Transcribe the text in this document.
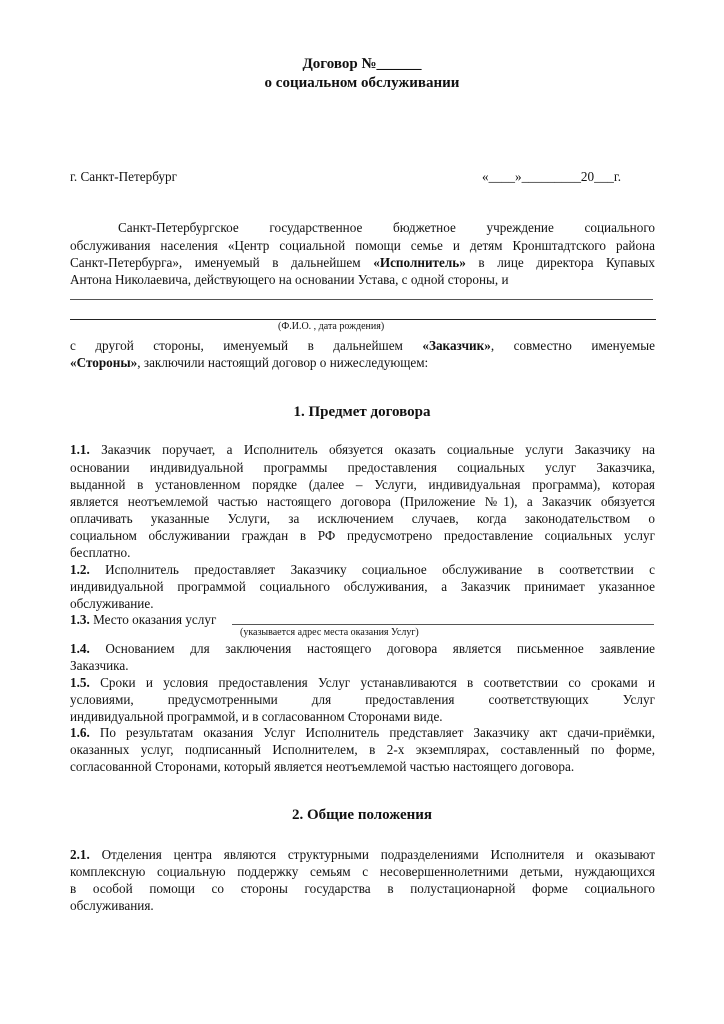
Договор №______
о социальном обслуживании
г. Санкт-Петербург	«____»_________20___г.
Санкт-Петербургское государственное бюджетное учреждение социального
обслуживания населения «Центр социальной помощи семье и детям Кронштадтского района
Санкт-Петербурга», именуемый в дальнейшем «Исполнитель» в лице директора Купавых
Антона Николаевича, действующего на основании Устава, с одной стороны, и
(Ф.И.О. , дата рождения)
с другой стороны, именуемый в дальнейшем «Заказчик», совместно именуемые
«Стороны», заключили настоящий договор о нижеследующем:
1. Предмет договора
1.1. Заказчик поручает, а Исполнитель обязуется оказать социальные услуги Заказчику на
основании индивидуальной программы предоставления социальных услуг Заказчика,
выданной в установленном порядке (далее – Услуги, индивидуальная программа), которая
является неотъемлемой частью настоящего договора (Приложение №1), а Заказчик обязуется
оплачивать указанные Услуги, за исключением случаев, когда законодательством о
социальном обслуживании граждан в РФ предусмотрено предоставление социальных услуг
бесплатно.
1.2. Исполнитель предоставляет Заказчику социальное обслуживание в соответствии с
индивидуальной программой социального обслуживания, а Заказчик принимает указанное
обслуживание.
1.3. Место оказания услуг
(указывается адрес места оказания Услуг)
1.4. Основанием для заключения настоящего договора является письменное заявление
Заказчика.
1.5. Сроки и условия предоставления Услуг устанавливаются в соответствии со сроками и
условиями, предусмотренными для предоставления соответствующих Услуг
индивидуальной программой, и в согласованном Сторонами виде.
1.6. По результатам оказания Услуг Исполнитель представляет Заказчику акт сдачи-приёмки,
оказанных услуг, подписанный Исполнителем, в 2-х экземплярах, составленный по форме,
согласованной Сторонами, который является неотъемлемой частью настоящего договора.
2. Общие положения
2.1. Отделения центра являются структурными подразделениями Исполнителя и оказывают
комплексную социальную поддержку семьям с несовершеннолетними детьми, нуждающихся
в особой помощи со стороны государства в полустационарной форме социального
обслуживания.
